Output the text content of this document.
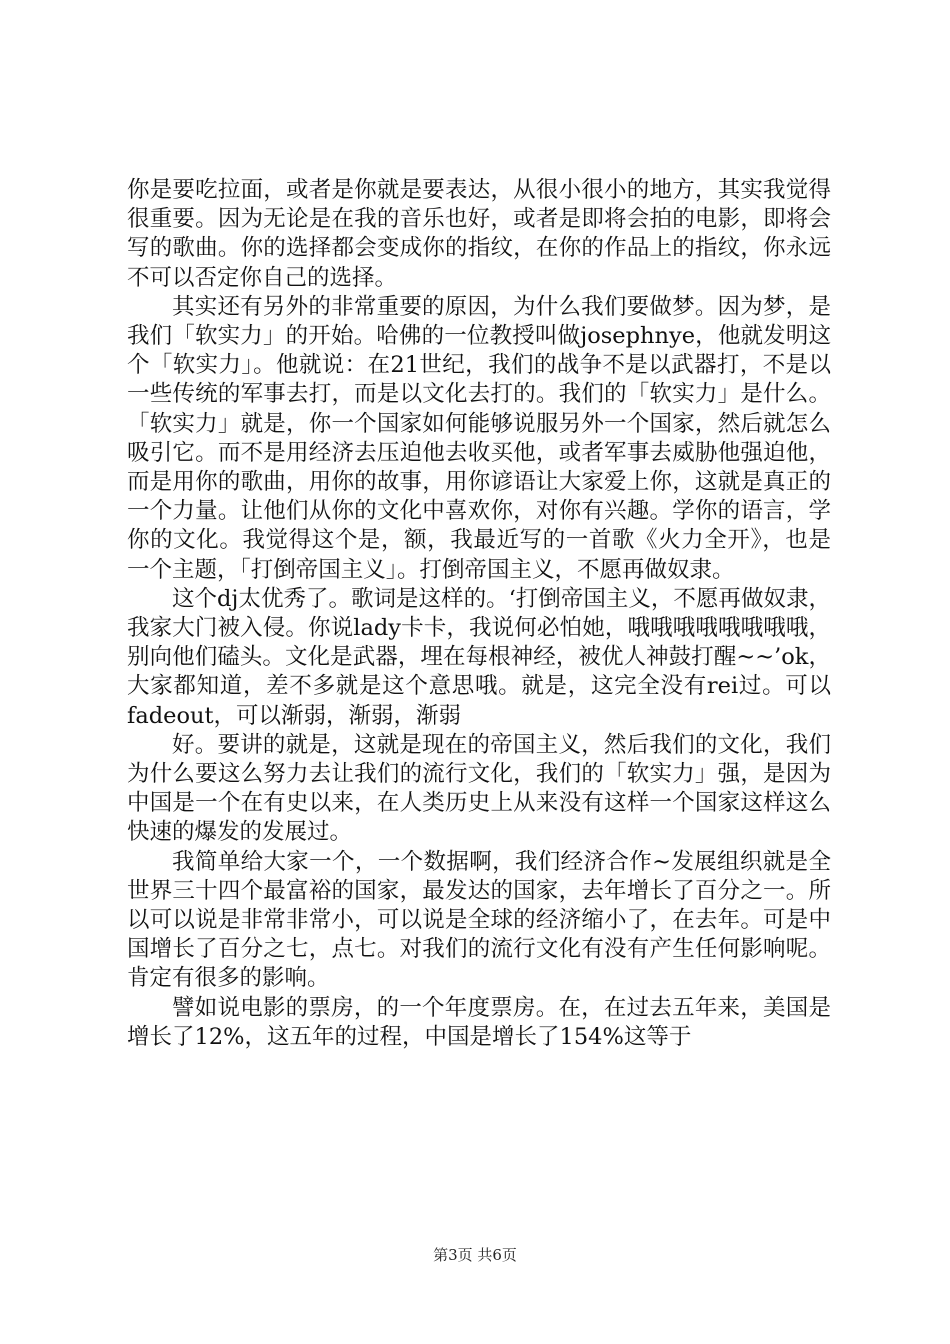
你是要吃拉面，或者是你就是要表达，从很小很小的地方，其实我觉得很重要。因为无论是在我的音乐也好，或者是即将会拍的电影，即将会写的歌曲。你的选择都会变成你的指纹，在你的作品上的指纹，你永远不可以否定你自己的选择。

其实还有另外的非常重要的原因，为什么我们要做梦。因为梦，是我们「软实力」的开始。哈佛的一位教授叫做josephnye，他就发明这个「软实力」。他就说：在21世纪，我们的战争不是以武器打，不是以一些传统的军事去打，而是以文化去打的。我们的「软实力」是什么。「软实力」就是，你一个国家如何能够说服另外一个国家，然后就怎么吸引它。而不是用经济去压迫他去收买他，或者军事去威胁他强迫他，而是用你的歌曲，用你的故事，用你谚语让大家爱上你，这就是真正的一个力量。让他们从你的文化中喜欢你，对你有兴趣。学你的语言，学你的文化。我觉得这个是，额，我最近写的一首歌《火力全开》，也是一个主题，「打倒帝国主义」。打倒帝国主义，不愿再做奴隶。

这个dj太优秀了。歌词是这样的。‘打倒帝国主义，不愿再做奴隶，我家大门被入侵。你说lady卡卡，我说何必怕她，哦哦哦哦哦哦哦哦，别向他们磕头。文化是武器，埋在每根神经，被优人神鼓打醒~~’ok，大家都知道，差不多就是这个意思哦。就是，这完全没有rei过。可以fadeout，可以渐弱，渐弱，渐弱

好。要讲的就是，这就是现在的帝国主义，然后我们的文化，我们为什么要这么努力去让我们的流行文化，我们的「软实力」强，是因为中国是一个在有史以来，在人类历史上从来没有这样一个国家这样这么快速的爆发的发展过。

我简单给大家一个，一个数据啊，我们经济合作~发展组织就是全世界三十四个最富裕的国家，最发达的国家，去年增长了百分之一。所以可以说是非常非常小，可以说是全球的经济缩小了，在去年。可是中国增长了百分之七，点七。对我们的流行文化有没有产生任何影响呢。肯定有很多的影响。

譬如说电影的票房，的一个年度票房。在，在过去五年来，美国是增长了12%，这五年的过程，中国是增长了154%这等于

第3页 共6页
